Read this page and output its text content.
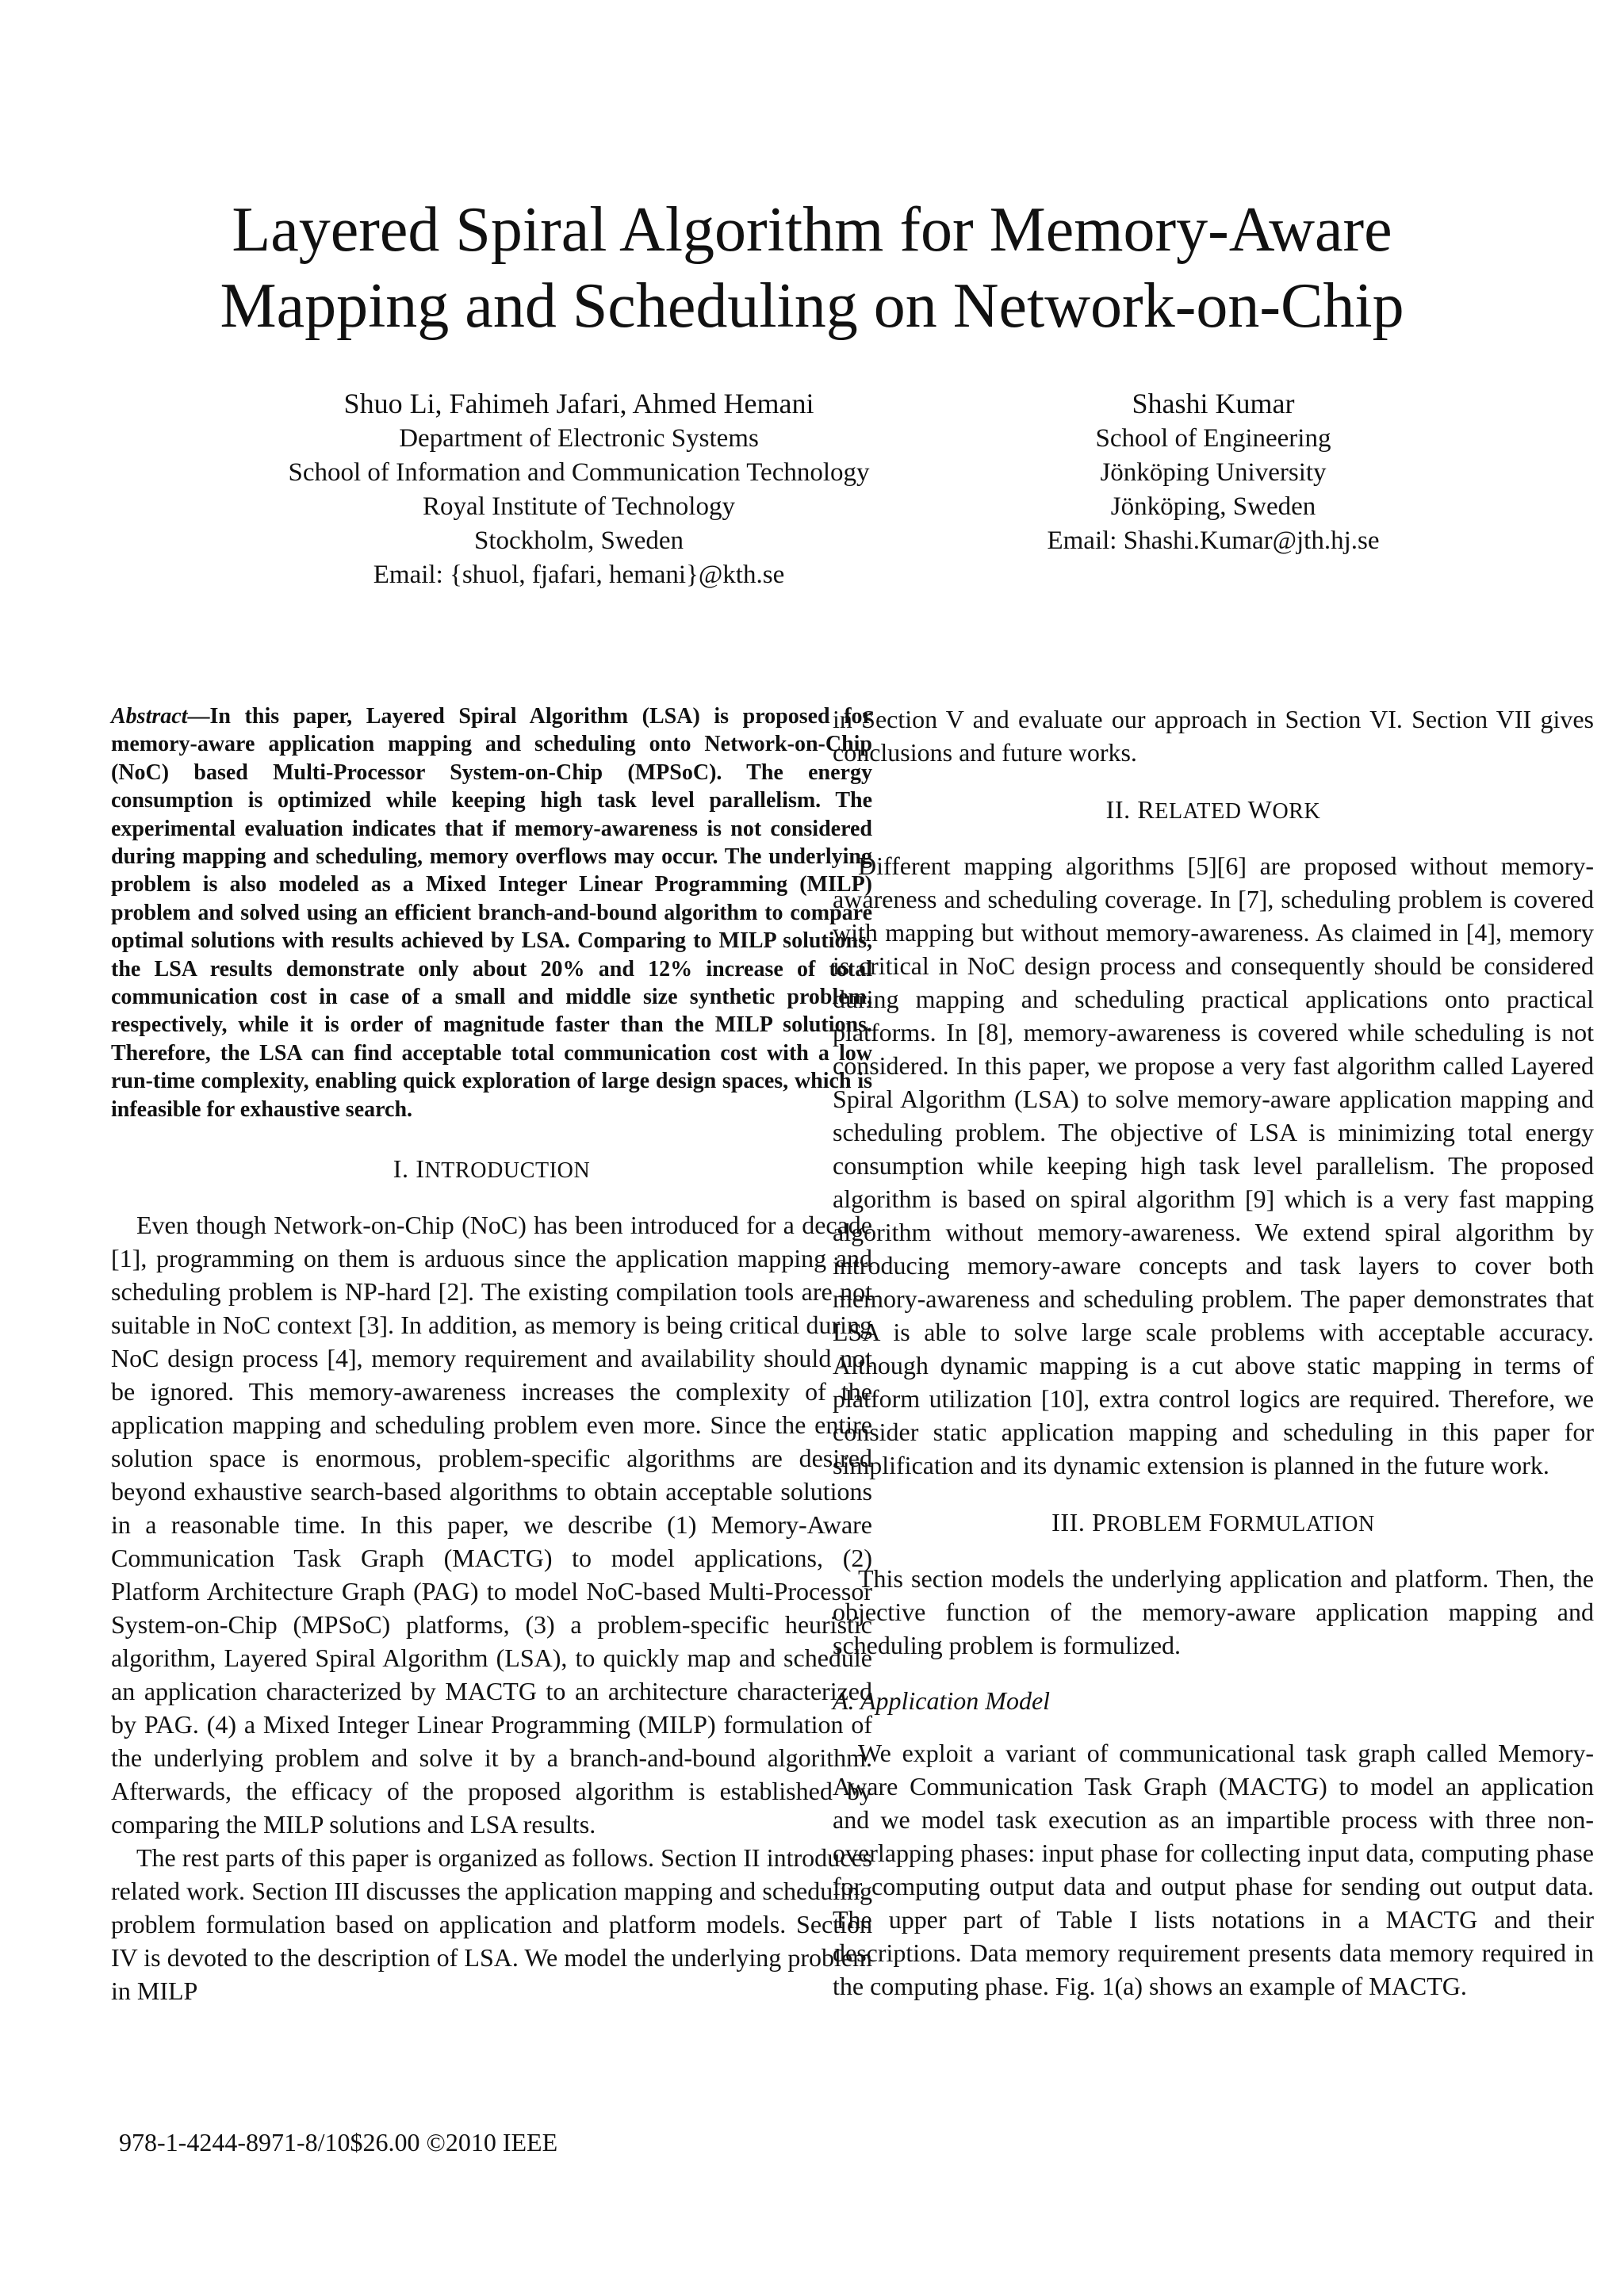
Layered Spiral Algorithm for Memory-Aware
Mapping and Scheduling on Network-on-Chip
Shuo Li, Fahimeh Jafari, Ahmed Hemani
Department of Electronic Systems
School of Information and Communication Technology
Royal Institute of Technology
Stockholm, Sweden
Email: {shuol, fjafari, hemani}@kth.se
Shashi Kumar
School of Engineering
Jönköping University
Jönköping, Sweden
Email: Shashi.Kumar@jth.hj.se

Abstract—In this paper, Layered Spiral Algorithm (LSA) is proposed for memory-aware application mapping and scheduling onto Network-on-Chip (NoC) based Multi-Processor System-on-Chip (MPSoC). The energy consumption is optimized while keeping high task level parallelism. The experimental evaluation indicates that if memory-awareness is not considered during mapping and scheduling, memory overflows may occur. The underlying problem is also modeled as a Mixed Integer Linear Programming (MILP) problem and solved using an efficient branch-and-bound algorithm to compare optimal solutions with results achieved by LSA. Comparing to MILP solutions, the LSA results demonstrate only about 20% and 12% increase of total communication cost in case of a small and middle size synthetic problem, respectively, while it is order of magnitude faster than the MILP solutions. Therefore, the LSA can find acceptable total communication cost with a low run-time complexity, enabling quick exploration of large design spaces, which is infeasible for exhaustive search.

I. INTRODUCTION

Even though Network-on-Chip (NoC) has been introduced for a decade [1], programming on them is arduous since the application mapping and scheduling problem is NP-hard [2]. The existing compilation tools are not suitable in NoC context [3]. In addition, as memory is being critical during NoC design process [4], memory requirement and availability should not be ignored. This memory-awareness increases the complexity of the application mapping and scheduling problem even more. Since the entire solution space is enormous, problem-specific algorithms are desired beyond exhaustive search-based algorithms to obtain acceptable solutions in a reasonable time. In this paper, we describe (1) Memory-Aware Communication Task Graph (MACTG) to model applications, (2) Platform Architecture Graph (PAG) to model NoC-based Multi-Processor System-on-Chip (MPSoC) platforms, (3) a problem-specific heuristic algorithm, Layered Spiral Algorithm (LSA), to quickly map and schedule an application characterized by MACTG to an architecture characterized by PAG. (4) a Mixed Integer Linear Programming (MILP) formulation of the underlying problem and solve it by a branch-and-bound algorithm. Afterwards, the efficacy of the proposed algorithm is established by comparing the MILP solutions and LSA results.

The rest parts of this paper is organized as follows. Section II introduces related work. Section III discusses the application mapping and scheduling problem formulation based on application and platform models. Section IV is devoted to the description of LSA. We model the underlying problem in MILP

in Section V and evaluate our approach in Section VI. Section VII gives conclusions and future works.

II. RELATED WORK

Different mapping algorithms [5][6] are proposed without memory-awareness and scheduling coverage. In [7], scheduling problem is covered with mapping but without memory-awareness. As claimed in [4], memory is critical in NoC design process and consequently should be considered during mapping and scheduling practical applications onto practical platforms. In [8], memory-awareness is covered while scheduling is not considered. In this paper, we propose a very fast algorithm called Layered Spiral Algorithm (LSA) to solve memory-aware application mapping and scheduling problem. The objective of LSA is minimizing total energy consumption while keeping high task level parallelism. The proposed algorithm is based on spiral algorithm [9] which is a very fast mapping algorithm without memory-awareness. We extend spiral algorithm by introducing memory-aware concepts and task layers to cover both memory-awareness and scheduling problem. The paper demonstrates that LSA is able to solve large scale problems with acceptable accuracy. Although dynamic mapping is a cut above static mapping in terms of platform utilization [10], extra control logics are required. Therefore, we consider static application mapping and scheduling in this paper for simplification and its dynamic extension is planned in the future work.

III. PROBLEM FORMULATION

This section models the underlying application and platform. Then, the objective function of the memory-aware application mapping and scheduling problem is formulized.

A. Application Model

We exploit a variant of communicational task graph called Memory-Aware Communication Task Graph (MACTG) to model an application and we model task execution as an impartible process with three non-overlapping phases: input phase for collecting input data, computing phase for computing output data and output phase for sending out output data. The upper part of Table I lists notations in a MACTG and their descriptions. Data memory requirement presents data memory required in the computing phase. Fig. 1(a) shows an example of MACTG.

978-1-4244-8971-8/10$26.00 ©2010 IEEE
